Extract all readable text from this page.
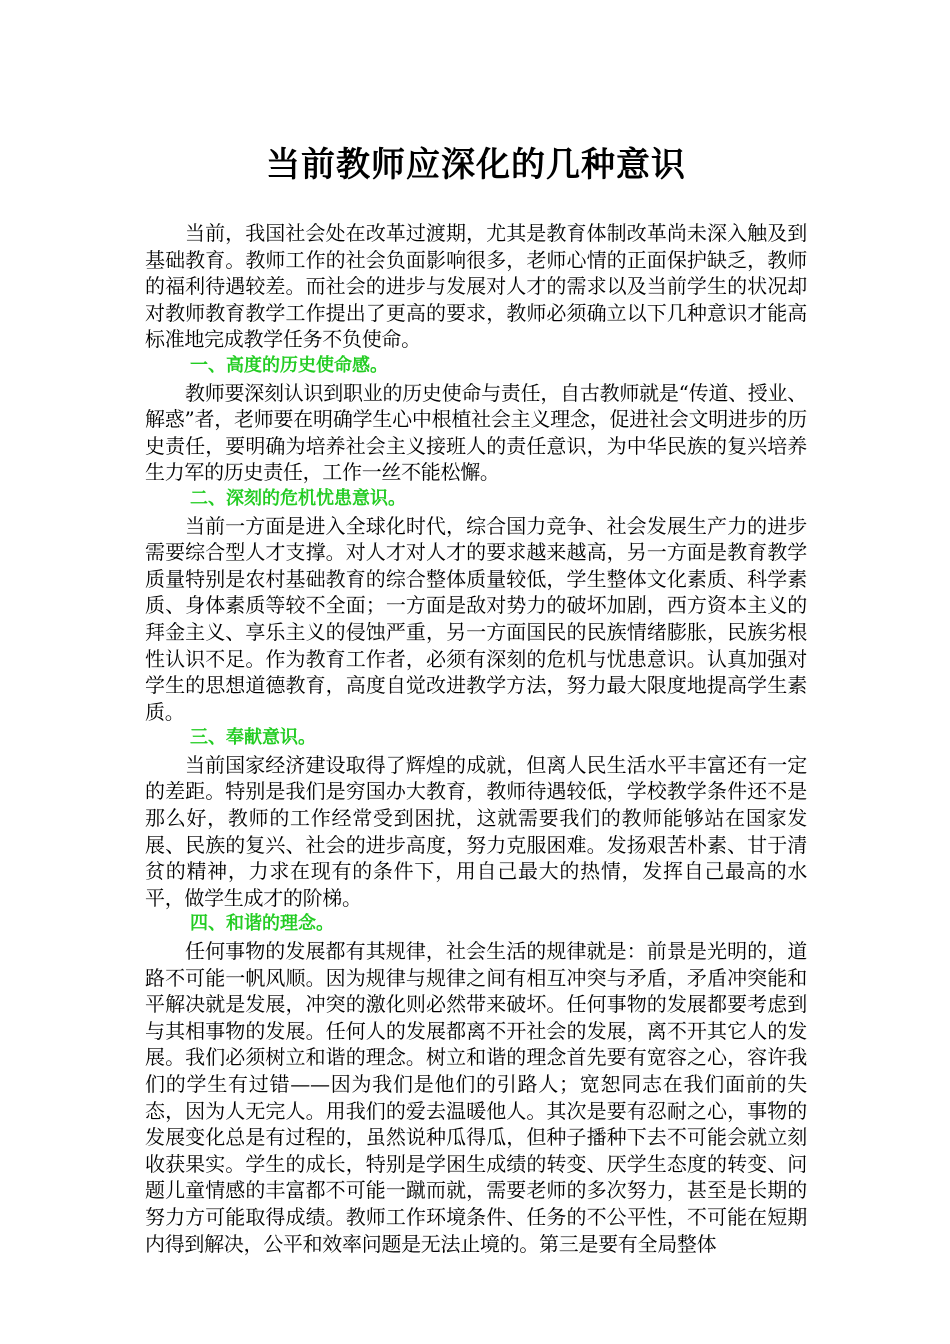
当前教师应深化的几种意识

当前，我国社会处在改革过渡期，尤其是教育体制改革尚未深入触及到基础教育。教师工作的社会负面影响很多，老师心情的正面保护缺乏，教师的福利待遇较差。而社会的进步与发展对人才的需求以及当前学生的状况却对教师教育教学工作提出了更高的要求，教师必须确立以下几种意识才能高标准地完成教学任务不负使命。

一、高度的历史使命感。

教师要深刻认识到职业的历史使命与责任，自古教师就是“传道、授业、解惑”者，老师要在明确学生心中根植社会主义理念，促进社会文明进步的历史责任，要明确为培养社会主义接班人的责任意识，为中华民族的复兴培养生力军的历史责任，工作一丝不能松懈。

二、深刻的危机忧患意识。

当前一方面是进入全球化时代，综合国力竞争、社会发展生产力的进步需要综合型人才支撑。对人才对人才的要求越来越高，另一方面是教育教学质量特别是农村基础教育的综合整体质量较低，学生整体文化素质、科学素质、身体素质等较不全面；一方面是敌对势力的破坏加剧，西方资本主义的拜金主义、享乐主义的侵蚀严重，另一方面国民的民族情绪膨胀，民族劣根性认识不足。作为教育工作者，必须有深刻的危机与忧患意识。认真加强对学生的思想道德教育，高度自觉改进教学方法，努力最大限度地提高学生素质。

三、奉献意识。

当前国家经济建设取得了辉煌的成就，但离人民生活水平丰富还有一定的差距。特别是我们是穷国办大教育，教师待遇较低，学校教学条件还不是那么好，教师的工作经常受到困扰，这就需要我们的教师能够站在国家发展、民族的复兴、社会的进步高度，努力克服困难。发扬艰苦朴素、甘于清贫的精神，力求在现有的条件下，用自己最大的热情，发挥自己最高的水平，做学生成才的阶梯。

四、和谐的理念。

任何事物的发展都有其规律，社会生活的规律就是：前景是光明的，道路不可能一帆风顺。因为规律与规律之间有相互冲突与矛盾，矛盾冲突能和平解决就是发展，冲突的激化则必然带来破坏。任何事物的发展都要考虑到与其相事物的发展。任何人的发展都离不开社会的发展，离不开其它人的发展。我们必须树立和谐的理念。树立和谐的理念首先要有宽容之心，容许我们的学生有过错——因为我们是他们的引路人；宽恕同志在我们面前的失态，因为人无完人。用我们的爱去温暖他人。其次是要有忍耐之心，事物的发展变化总是有过程的，虽然说种瓜得瓜，但种子播种下去不可能会就立刻收获果实。学生的成长，特别是学困生成绩的转变、厌学生态度的转变、问题儿童情感的丰富都不可能一蹴而就，需要老师的多次努力，甚至是长期的努力方可能取得成绩。教师工作环境条件、任务的不公平性，不可能在短期内得到解决，公平和效率问题是无法止境的。第三是要有全局整体
